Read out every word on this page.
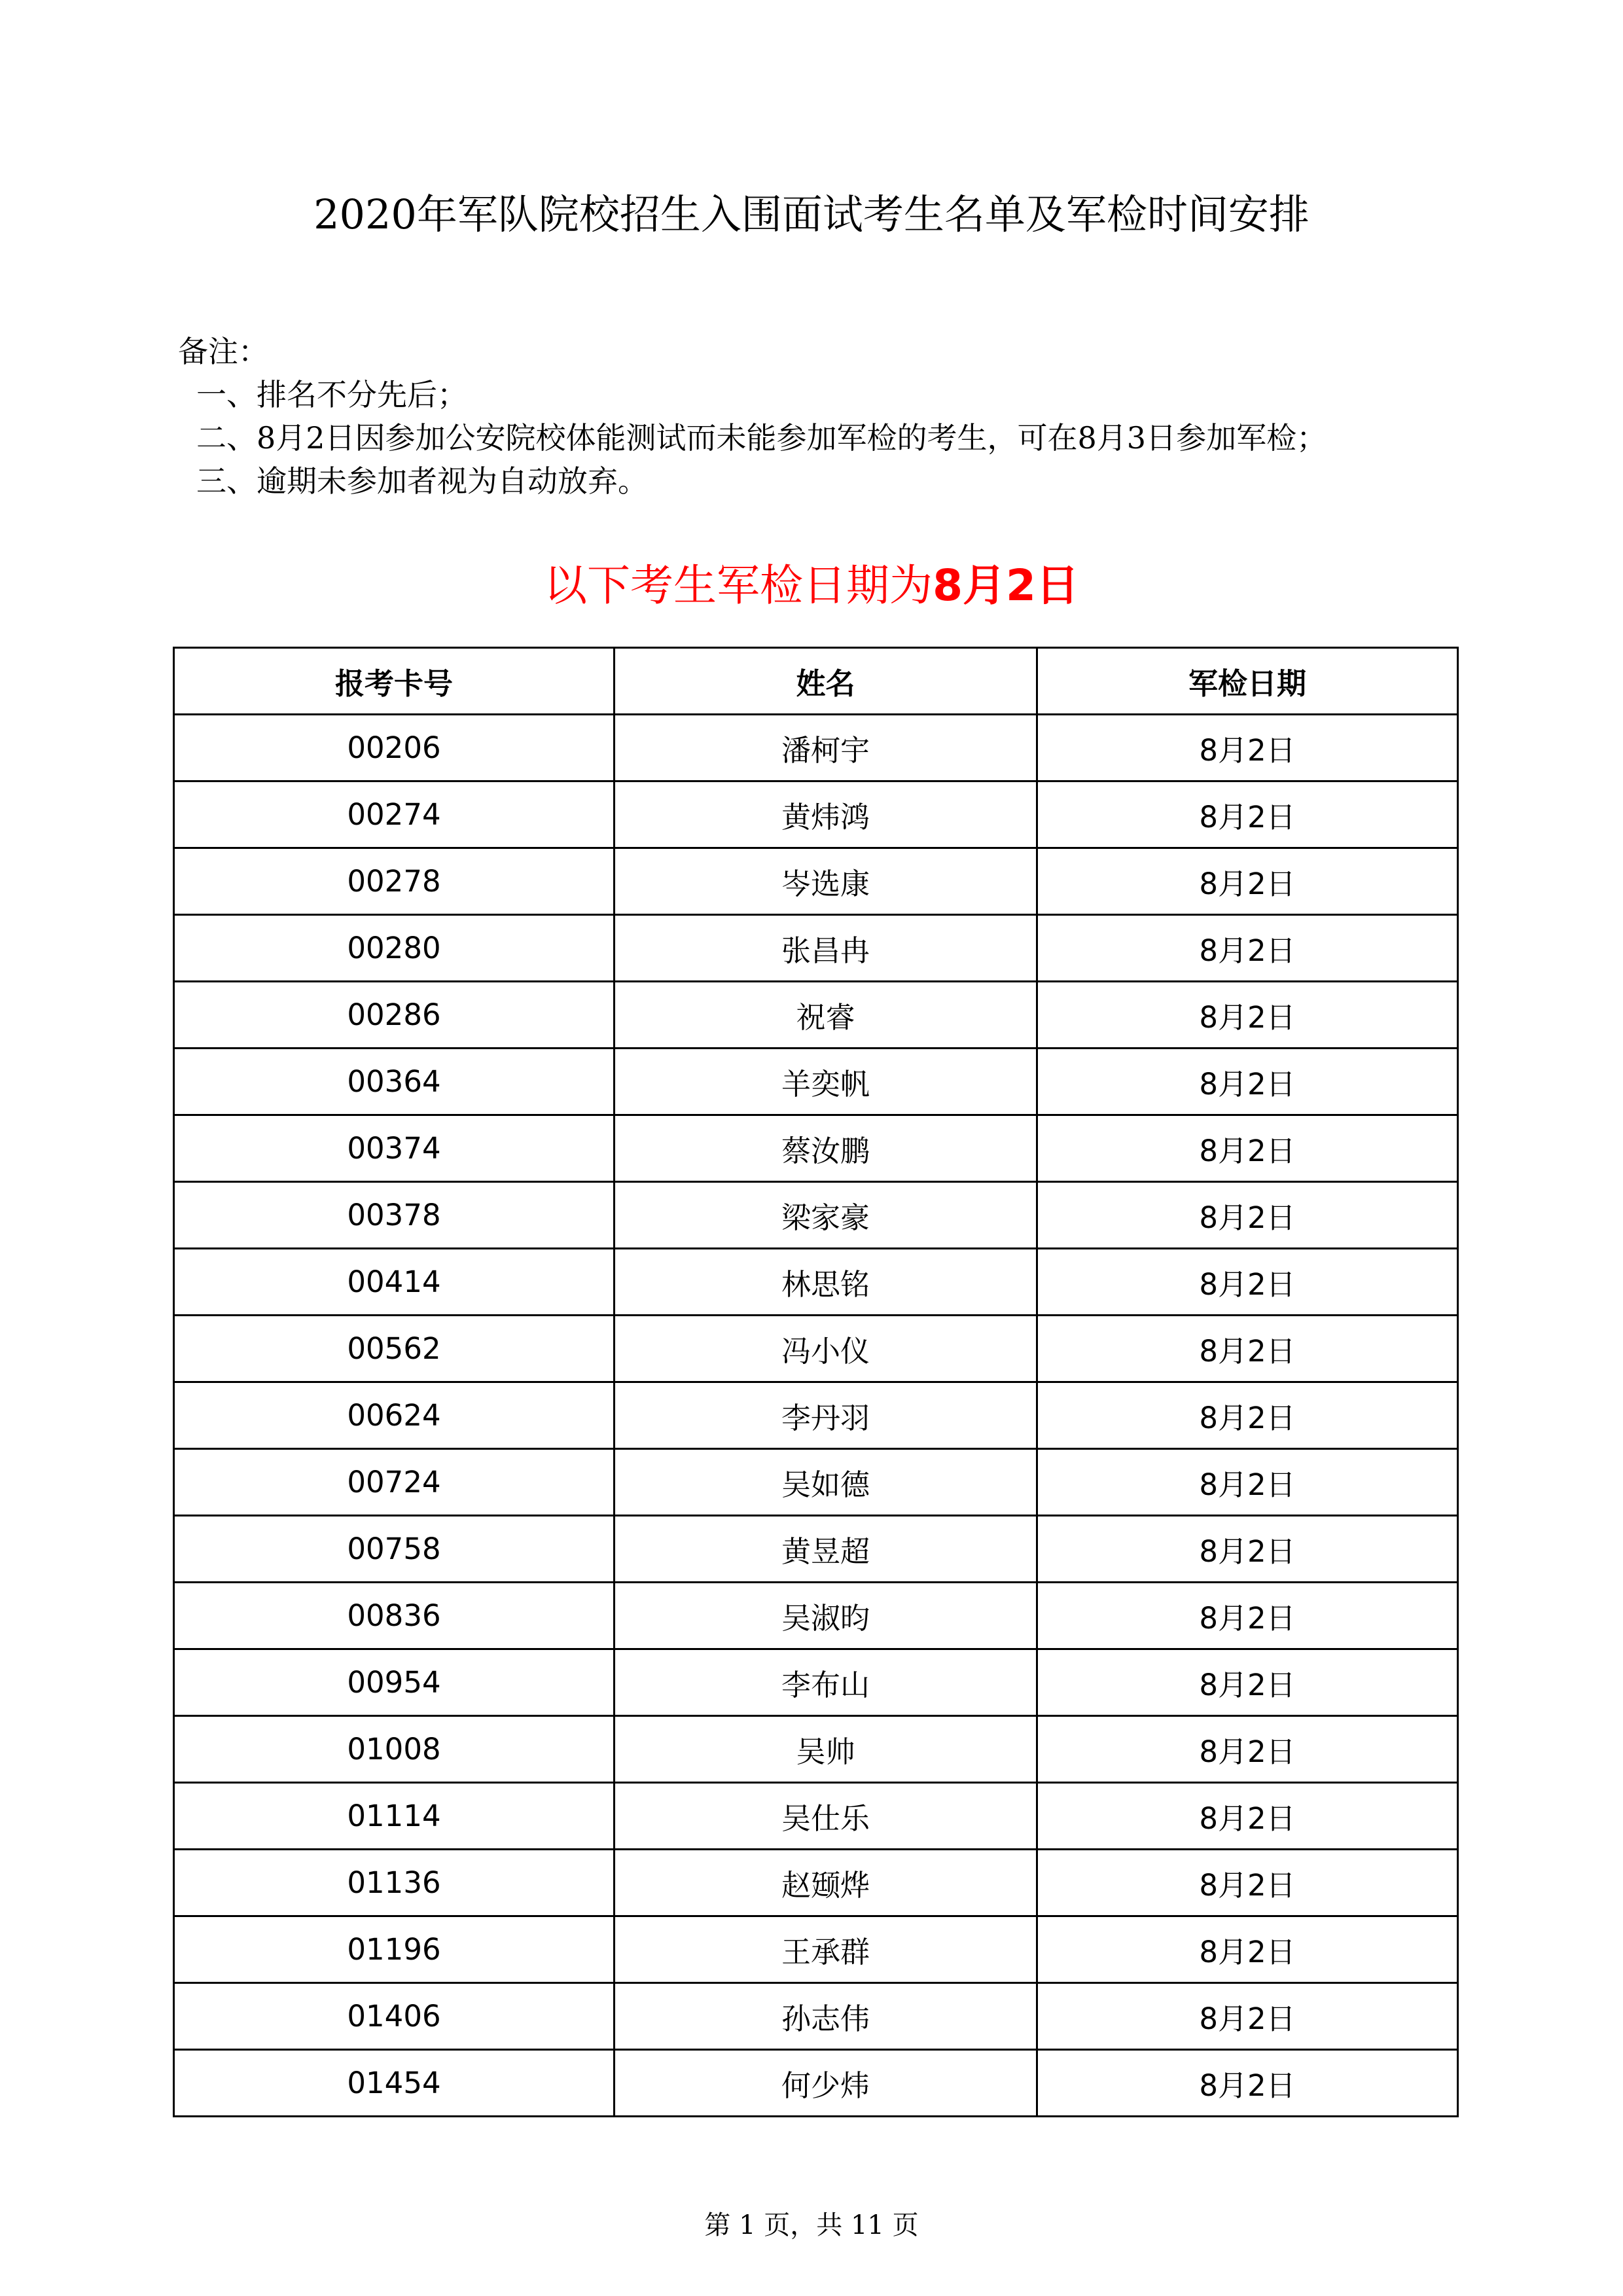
2020年军队院校招生入围面试考生名单及军检时间安排
备注：
一、排名不分先后；
二、8月2日因参加公安院校体能测试而未能参加军检的考生，可在8月3日参加军检；
三、逾期未参加者视为自动放弃。
以下考生军检日期为8月2日
报考卡号	姓名	军检日期
00206	潘柯宇	8月2日
00274	黄炜鸿	8月2日
00278	岑选康	8月2日
00280	张昌冉	8月2日
00286	祝睿	8月2日
00364	羊奕帆	8月2日
00374	蔡汝鹏	8月2日
00378	梁家豪	8月2日
00414	林思铭	8月2日
00562	冯小仪	8月2日
00624	李丹羽	8月2日
00724	吴如德	8月2日
00758	黄昱超	8月2日
00836	吴淑昀	8月2日
00954	李布山	8月2日
01008	吴帅	8月2日
01114	吴仕乐	8月2日
01136	赵颋烨	8月2日
01196	王承群	8月2日
01406	孙志伟	8月2日
01454	何少炜	8月2日
第 1 页，共 11 页
